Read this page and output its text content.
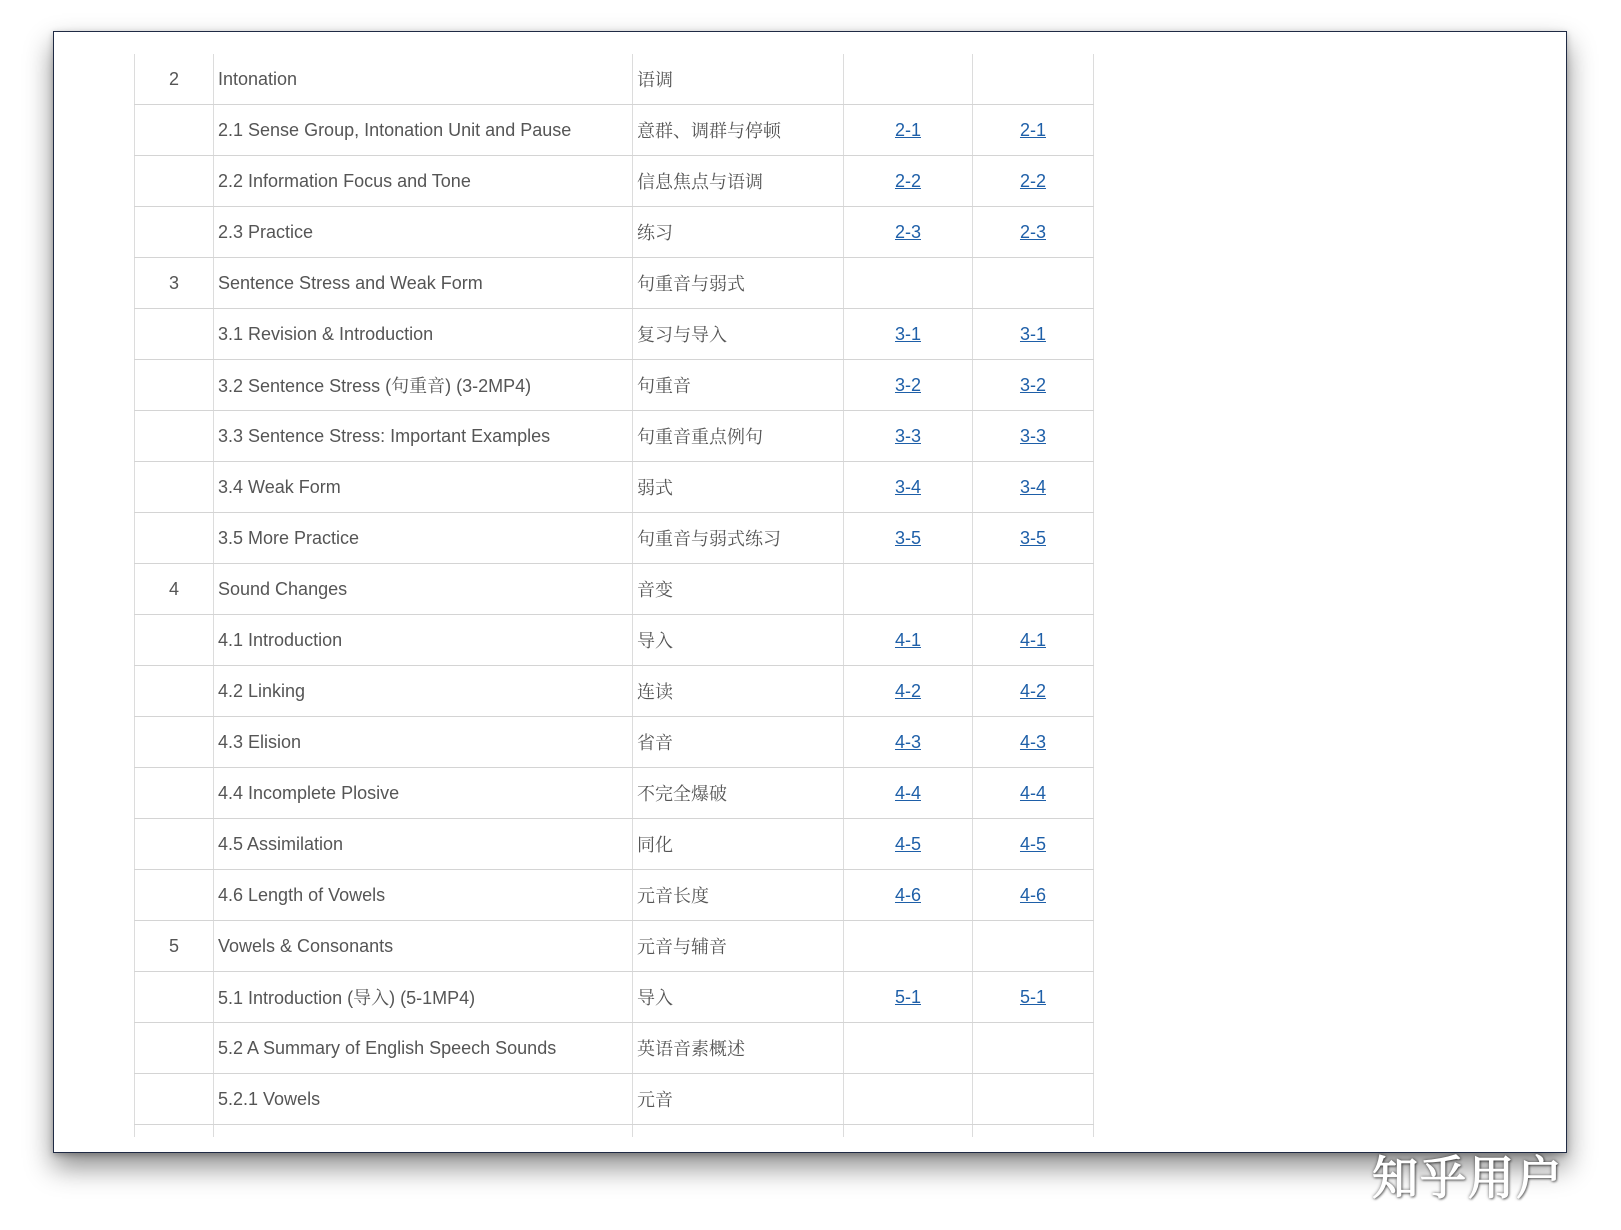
2	Intonation	语调		
	2.1 Sense Group, Intonation Unit and Pause	意群、调群与停顿	2-1	2-1
	2.2 Information Focus and Tone	信息焦点与语调	2-2	2-2
	2.3 Practice	练习	2-3	2-3
3	Sentence Stress and Weak Form	句重音与弱式		
	3.1 Revision & Introduction	复习与导入	3-1	3-1
	3.2 Sentence Stress (句重音) (3-2MP4)	句重音	3-2	3-2
	3.3 Sentence Stress: Important Examples	句重音重点例句	3-3	3-3
	3.4 Weak Form	弱式	3-4	3-4
	3.5 More Practice	句重音与弱式练习	3-5	3-5
4	Sound Changes	音变		
	4.1 Introduction	导入	4-1	4-1
	4.2 Linking	连读	4-2	4-2
	4.3 Elision	省音	4-3	4-3
	4.4 Incomplete Plosive	不完全爆破	4-4	4-4
	4.5 Assimilation	同化	4-5	4-5
	4.6 Length of Vowels	元音长度	4-6	4-6
5	Vowels & Consonants	元音与辅音		
	5.1 Introduction (导入) (5-1MP4)	导入	5-1	5-1
	5.2 A Summary of English Speech Sounds	英语音素概述		
	5.2.1 Vowels	元音		

知乎用户
